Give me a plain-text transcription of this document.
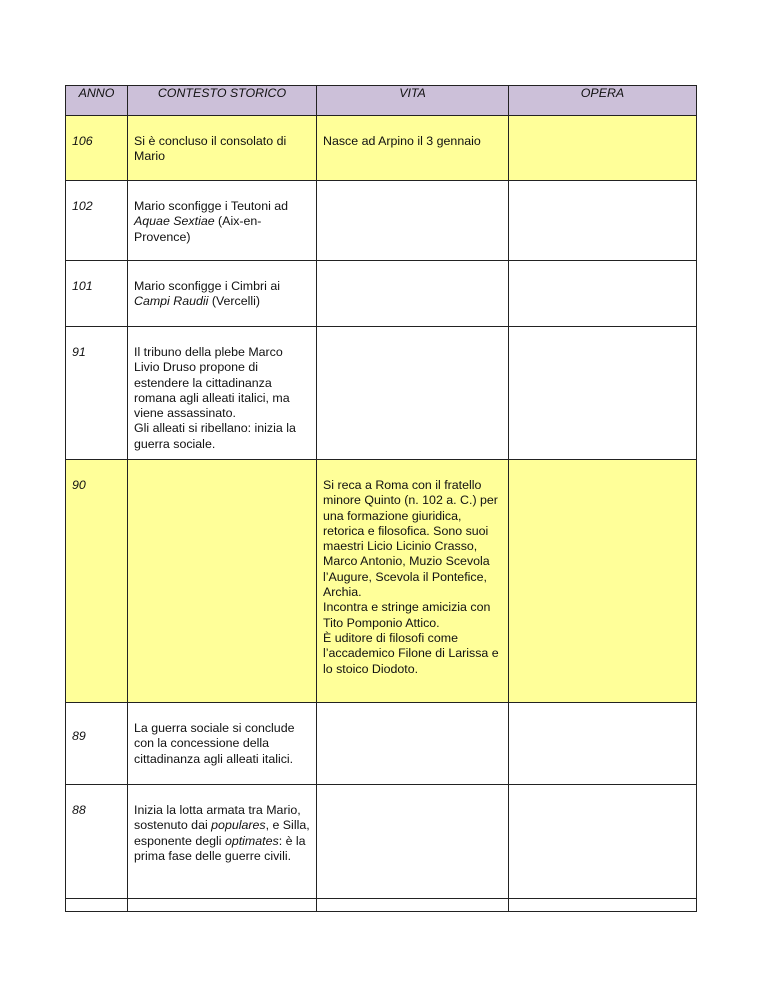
ANNO	CONTESTO STORICO	VITA	OPERA
106	Si è concluso il consolato di Mario	Nasce ad Arpino il 3 gennaio	
102	Mario sconfigge i Teutoni ad Aquae Sextiae (Aix-en-Provence)		
101	Mario sconfigge i Cimbri ai Campi Raudii (Vercelli)		
91	Il tribuno della plebe Marco Livio Druso propone di estendere la cittadinanza romana agli alleati italici, ma viene assassinato.
Gli alleati si ribellano: inizia la guerra sociale.		

90		Si reca a Roma con il fratello minore Quinto (n. 102 a. C.) per una formazione giuridica, retorica e filosofica. Sono suoi maestri Licio Licinio Crasso, Marco Antonio, Muzio Scevola l’Augure, Scevola il Pontefice, Archia.
Incontra e stringe amicizia con Tito Pomponio Attico.
È uditore di filosofi come l’accademico Filone di Larissa e lo stoico Diodoto.	

89	La guerra sociale si conclude con la concessione della cittadinanza agli alleati italici.		
88	Inizia la lotta armata tra Mario, sostenuto dai populares, e Silla, esponente degli optimates: è la prima fase delle guerre civili.		
